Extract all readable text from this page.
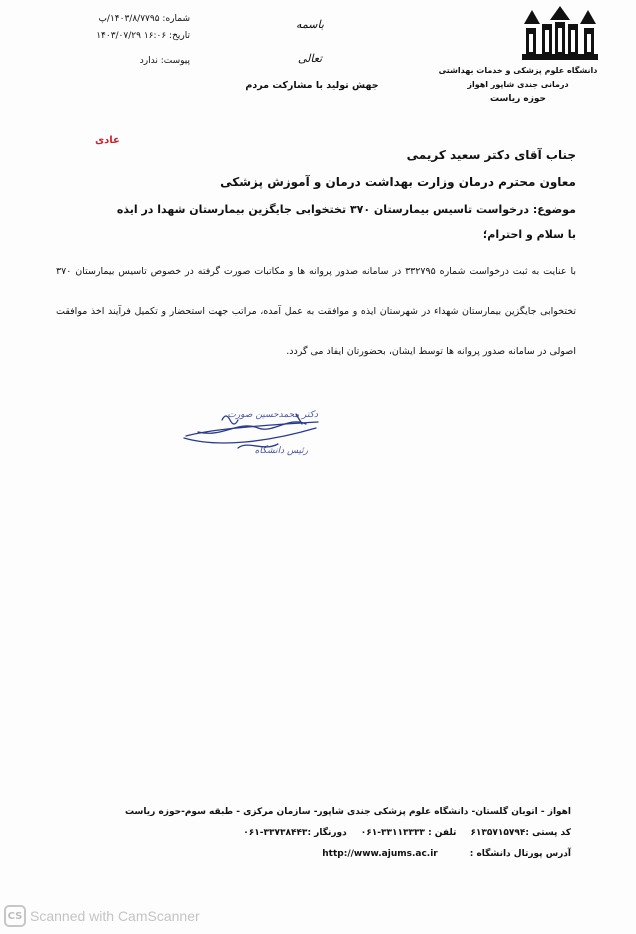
دانشگاه علوم پزشکی و خدمات بهداشتی درمانی جندی شاپور اهواز
حوزه ریاست
باسمه تعالی
شماره: ۱۴۰۳/۸/۷۷۹۵/پ
تاریخ: ۱۶:۰۶ ۱۴۰۳/۰۷/۲۹
پیوست: ندارد
جهش تولید با مشارکت مردم
عادی
جناب آقای دکتر سعید کریمی
معاون محترم درمان وزارت بهداشت درمان و آموزش پزشکی
موضوع: درخواست تاسیس بیمارستان ۳۷۰ تختخوابی جایگزین بیمارستان شهدا در ایذه
با سلام و احترام؛
با عنایت به ثبت درخواست شماره ۳۳۲۷۹۵ در سامانه صدور پروانه ها و مکاتبات صورت گرفته در خصوص تاسیس بیمارستان ۳۷۰ تختخوابی جایگزین بیمارستان شهداء در شهرستان ایذه و موافقت به عمل آمده، مراتب جهت استحضار و تکمیل فرآیند اخذ موافقت اصولی در سامانه صدور پروانه ها توسط ایشان، بحضورتان ایفاد می گردد.
دکتر محمدحسین صورت
رئیس دانشگاه
اهواز - اتوبان گلستان- دانشگاه علوم پزشکی جندی شاپور- سازمان مرکزی - طبقه سوم-حوزه ریاست
کد پستی :۶۱۳۵۷۱۵۷۹۴
تلفن : ۳۳۱۱۳۳۳۳-۰۶۱
دورنگار :۳۳۷۳۸۴۴۳-۰۶۱
آدرس پورتال دانشگاه :
http://www.ajums.ac.ir
CS Scanned with CamScanner
